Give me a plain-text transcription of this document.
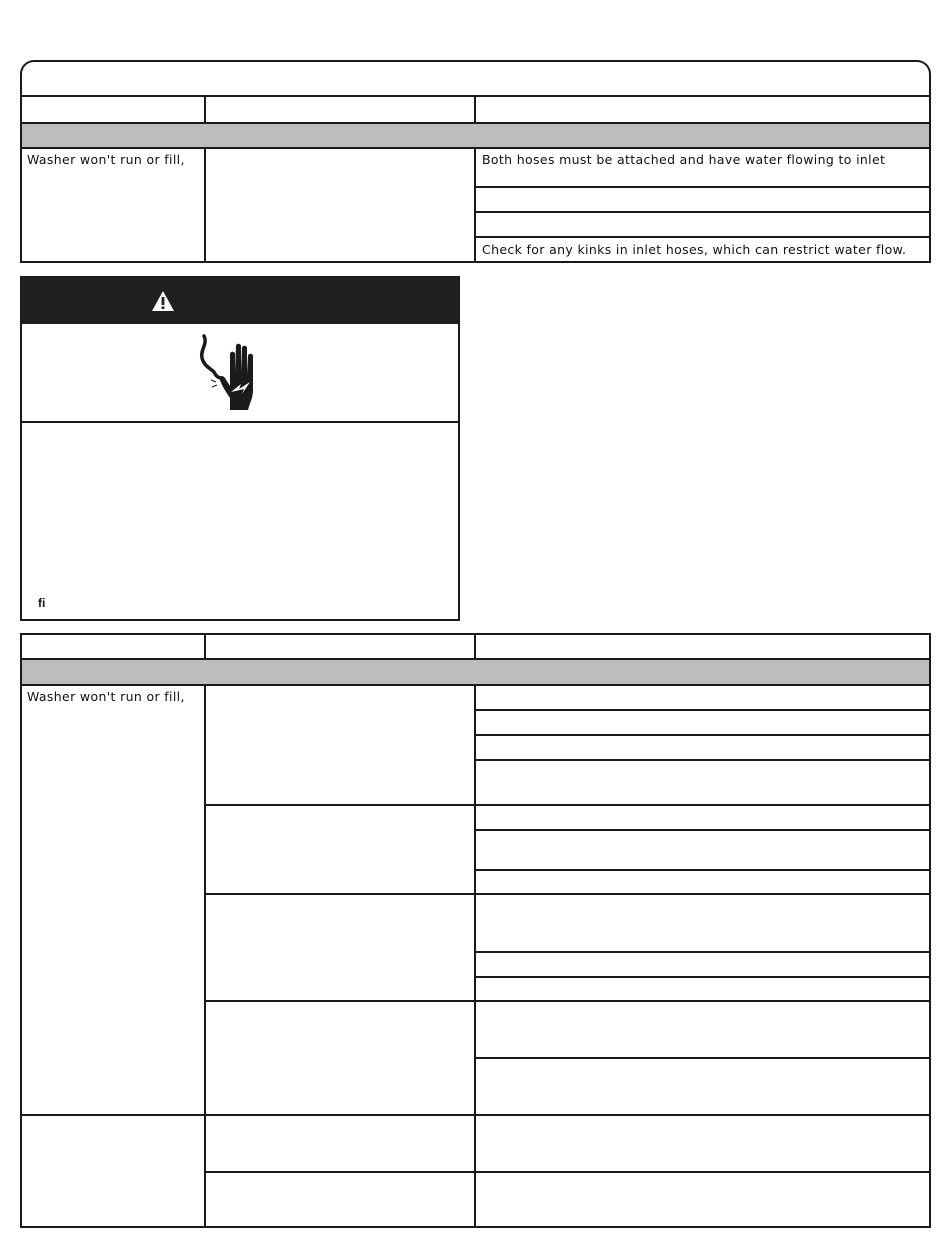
Washer won't run or fill,	Both hoses must be attached and have water flowing to inlet
Check for any kinks in inlet hoses, which can restrict water flow.
fi
Washer won't run or fill,
